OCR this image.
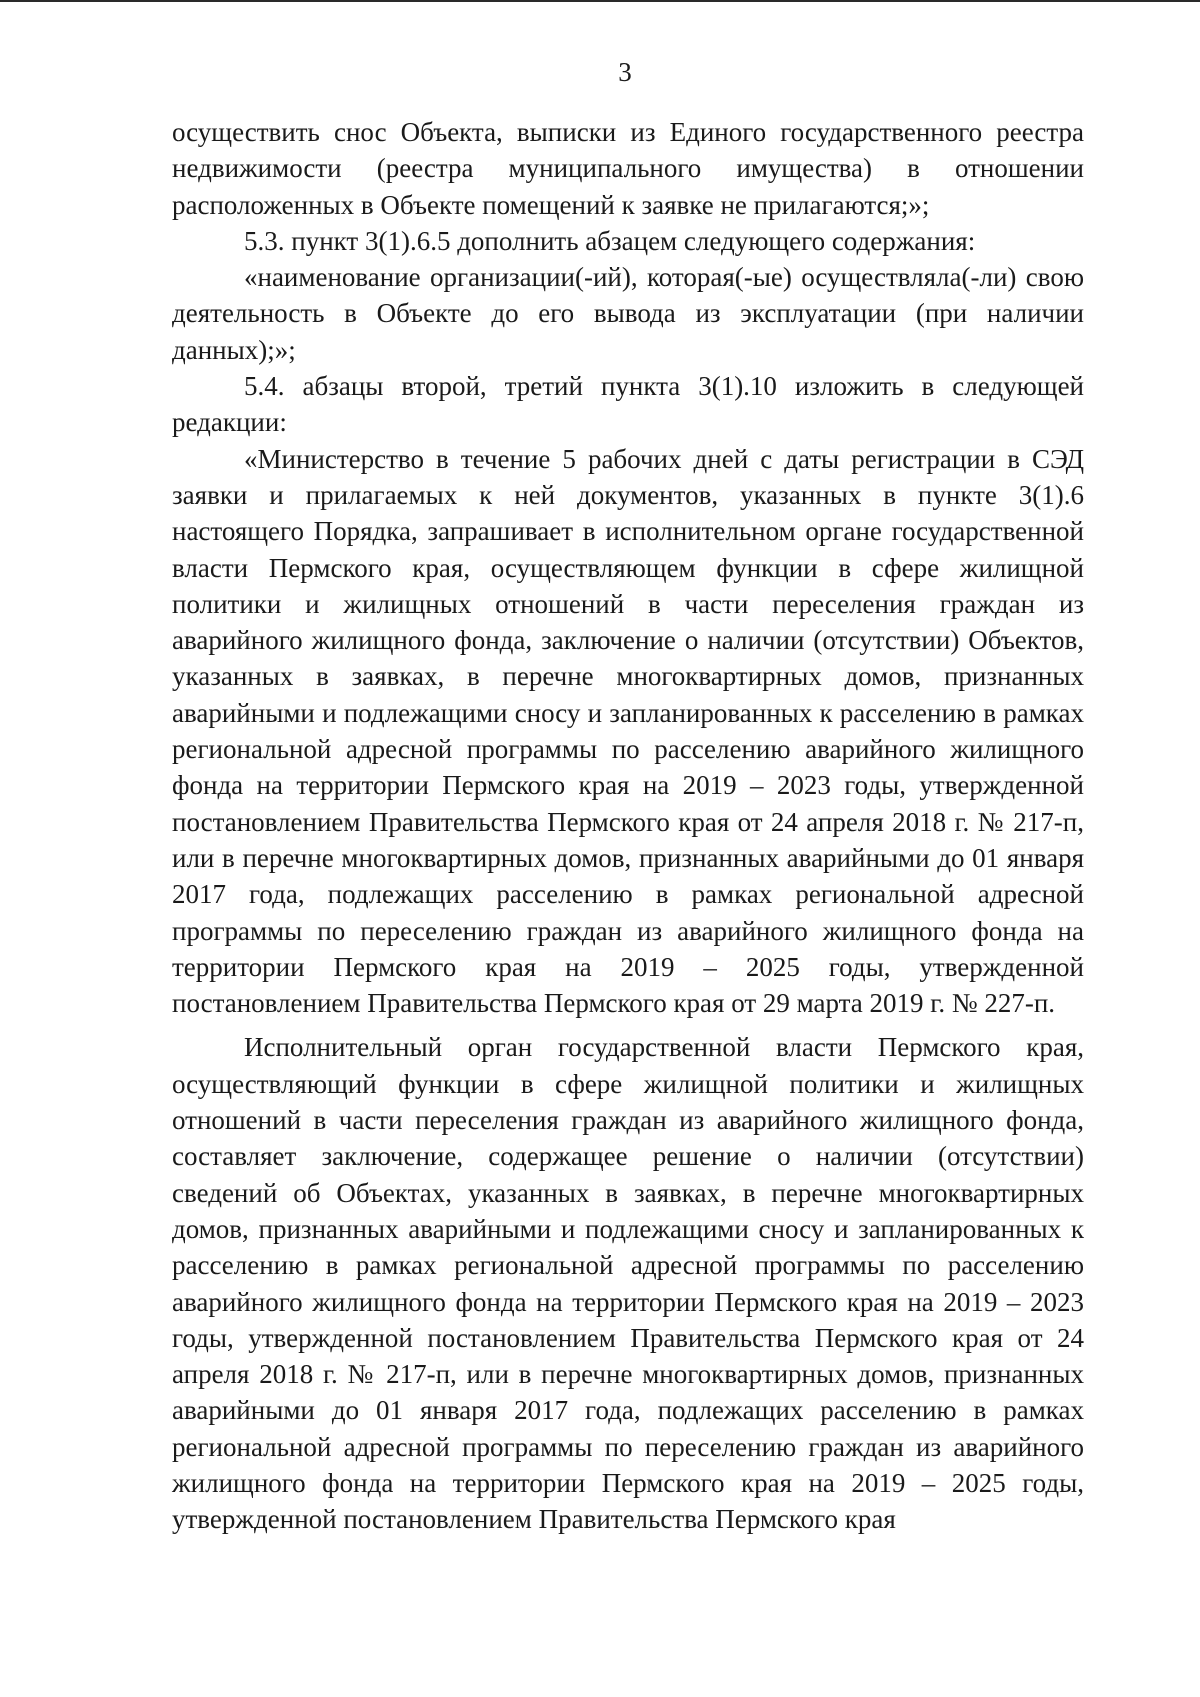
3

осуществить снос Объекта, выписки из Единого государственного реестра недвижимости (реестра муниципального имущества) в отношении расположенных в Объекте помещений к заявке не прилагаются;»;

5.3. пункт 3(1).6.5 дополнить абзацем следующего содержания:

«наименование организации(-ий), которая(-ые) осуществляла(-ли) свою деятельность в Объекте до его вывода из эксплуатации (при наличии данных);»;

5.4. абзацы второй, третий пункта 3(1).10 изложить в следующей редакции:

«Министерство в течение 5 рабочих дней с даты регистрации в СЭД заявки и прилагаемых к ней документов, указанных в пункте 3(1).6 настоящего Порядка, запрашивает в исполнительном органе государственной власти Пермского края, осуществляющем функции в сфере жилищной политики и жилищных отношений в части переселения граждан из аварийного жилищного фонда, заключение о наличии (отсутствии) Объектов, указанных в заявках, в перечне многоквартирных домов, признанных аварийными и подлежащими сносу и запланированных к расселению в рамках региональной адресной программы по расселению аварийного жилищного фонда на территории Пермского края на 2019 – 2023 годы, утвержденной постановлением Правительства Пермского края от 24 апреля 2018 г. № 217-п, или в перечне многоквартирных домов, признанных аварийными до 01 января 2017 года, подлежащих расселению в рамках региональной адресной программы по переселению граждан из аварийного жилищного фонда на территории Пермского края на 2019 – 2025 годы, утвержденной постановлением Правительства Пермского края от 29 марта 2019 г. № 227-п.

Исполнительный орган государственной власти Пермского края, осуществляющий функции в сфере жилищной политики и жилищных отношений в части переселения граждан из аварийного жилищного фонда, составляет заключение, содержащее решение о наличии (отсутствии) сведений об Объектах, указанных в заявках, в перечне многоквартирных домов, признанных аварийными и подлежащими сносу и запланированных к расселению в рамках региональной адресной программы по расселению аварийного жилищного фонда на территории Пермского края на 2019 – 2023 годы, утвержденной постановлением Правительства Пермского края от 24 апреля 2018 г. № 217-п, или в перечне многоквартирных домов, признанных аварийными до 01 января 2017 года, подлежащих расселению в рамках региональной адресной программы по переселению граждан из аварийного жилищного фонда на территории Пермского края на 2019 – 2025 годы, утвержденной постановлением Правительства Пермского края
